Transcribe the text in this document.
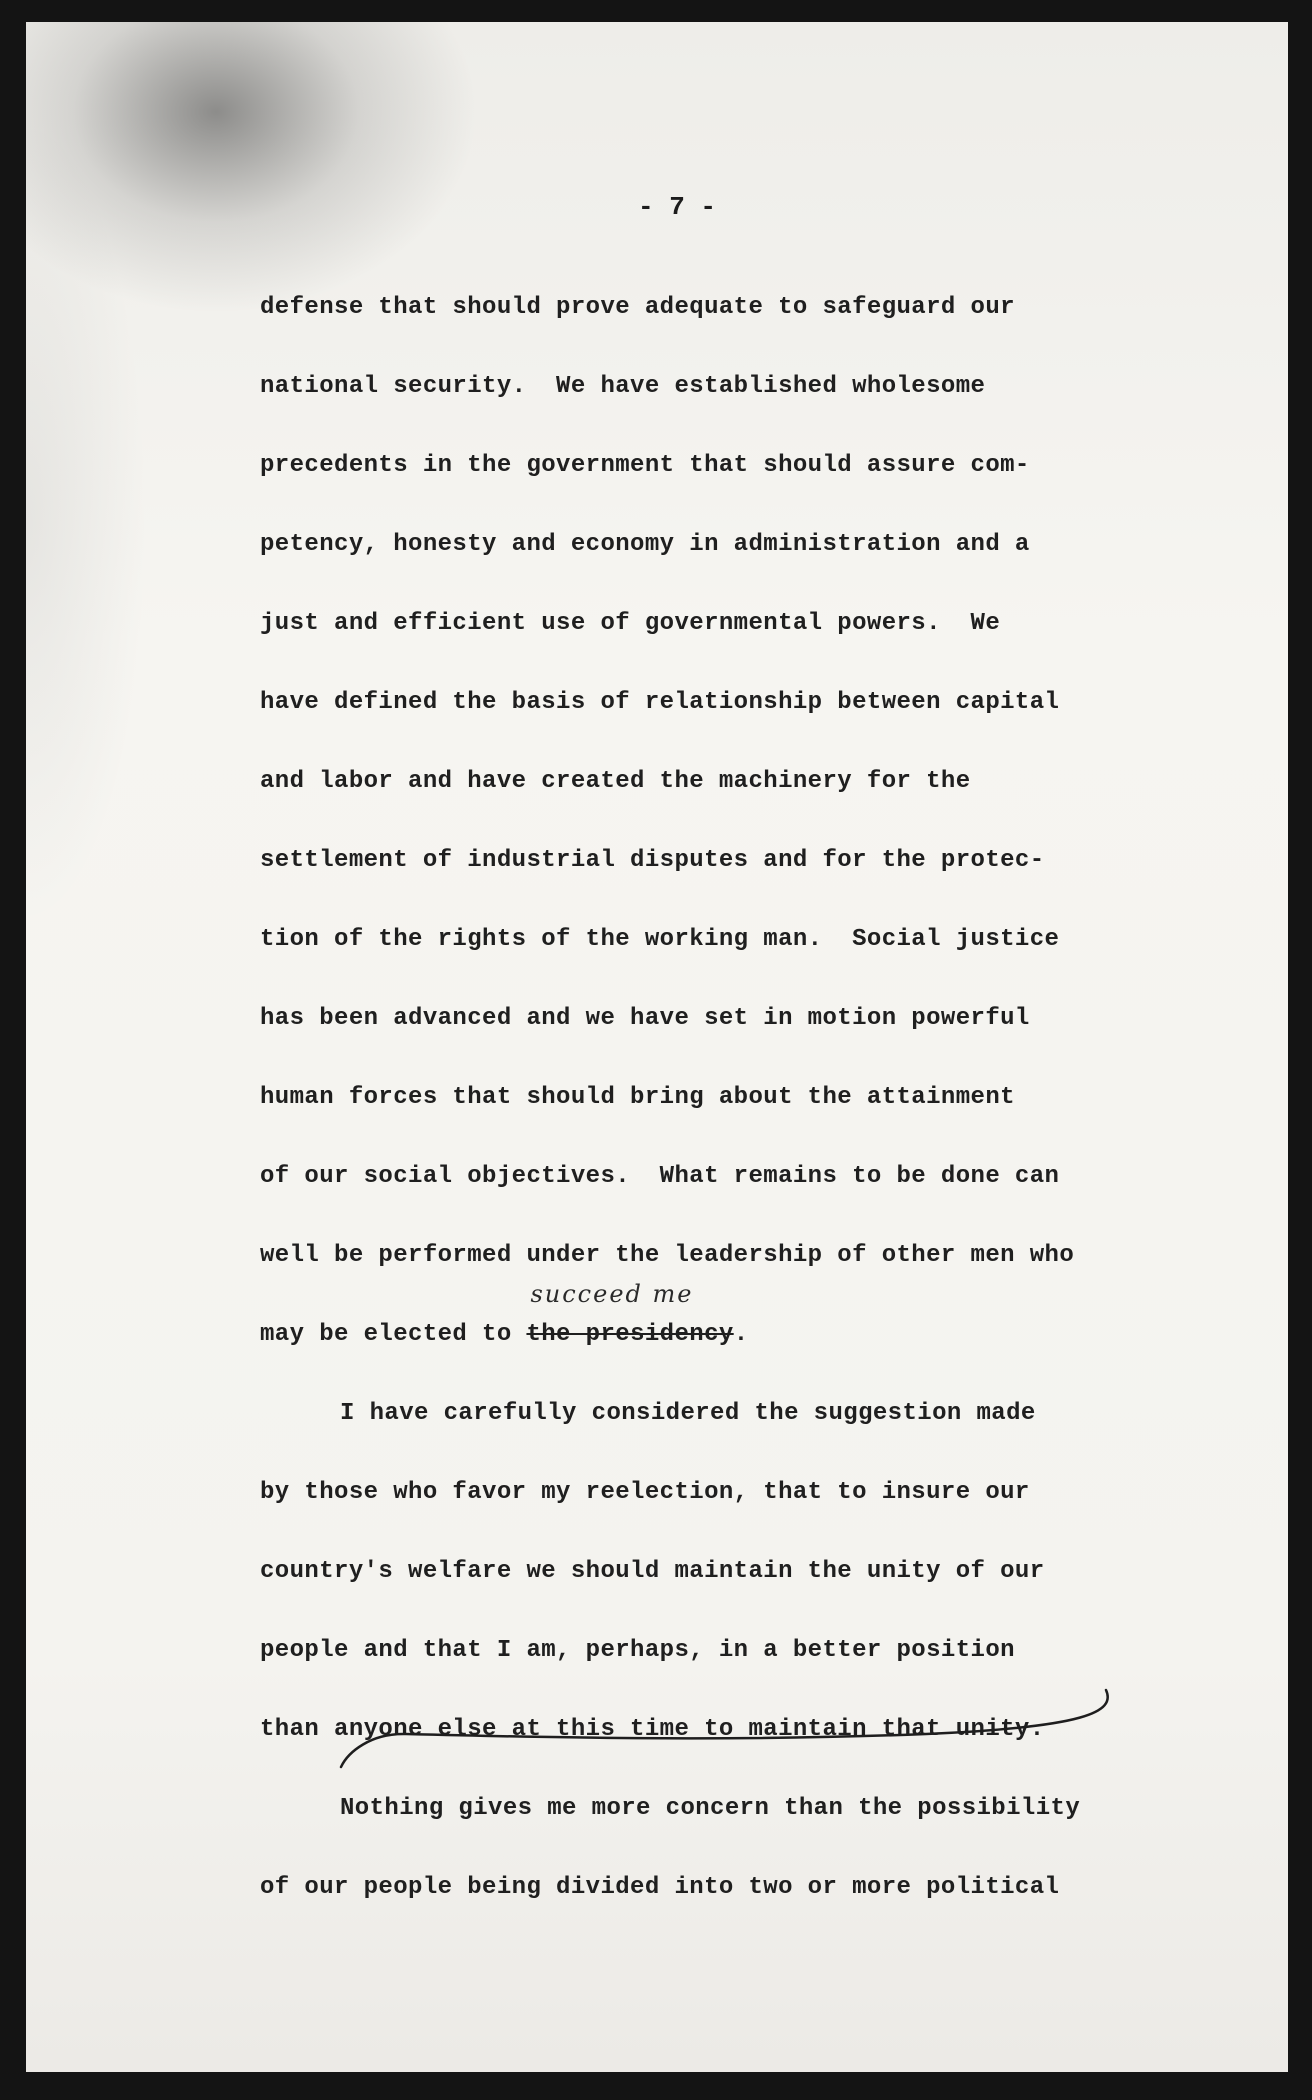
- 7 -
defense that should prove adequate to safeguard our
national security.  We have established wholesome
precedents in the government that should assure com-
petency, honesty and economy in administration and a
just and efficient use of governmental powers.  We
have defined the basis of relationship between capital
and labor and have created the machinery for the
settlement of industrial disputes and for the protec-
tion of the rights of the working man.  Social justice
has been advanced and we have set in motion powerful
human forces that should bring about the attainment
of our social objectives.  What remains to be done can
well be performed under the leadership of other men who
may be elected to
succeed me
the presidency.
I have carefully considered the suggestion made
by those who favor my reelection, that to insure our
country's welfare we should maintain the unity of our
people and that I am, perhaps, in a better position
than anyone else at this time to maintain that unity.
Nothing gives me more concern than the possibility
of our people being divided into two or more political
